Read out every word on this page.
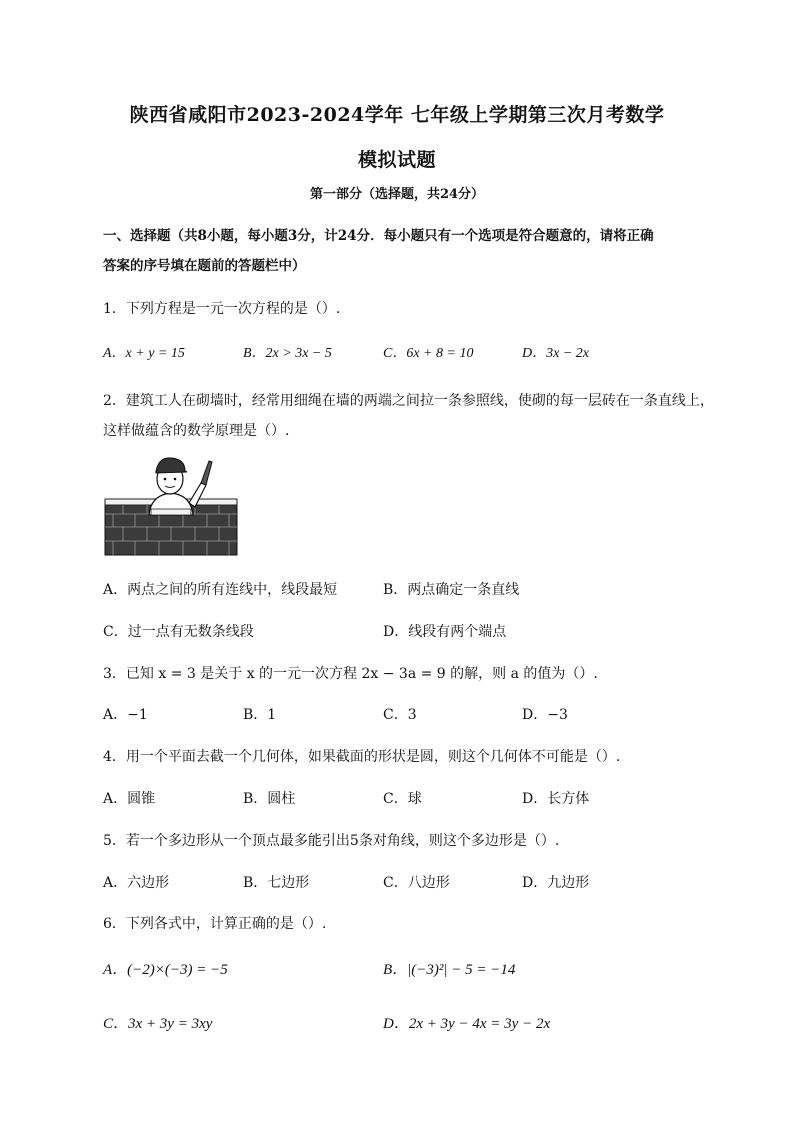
陕西省咸阳市2023-2024学年 七年级上学期第三次月考数学
模拟试题
第一部分（选择题，共24分）
一、选择题（共8小题，每小题3分，计24分．每小题只有一个选项是符合题意的，请将正确
答案的序号填在题前的答题栏中）
1．下列方程是一元一次方程的是（）.
A．x + y = 15	B．2x > 3x − 5	C．6x + 8 = 10	D．3x − 2x
2．建筑工人在砌墙时，经常用细绳在墙的两端之间拉一条参照线，使砌的每一层砖在一条直线上，
这样做蕴含的数学原理是（）.
A．两点之间的所有连线中，线段最短	B．两点确定一条直线
C．过一点有无数条线段	D．线段有两个端点
3．已知 x = 3 是关于 x 的一元一次方程 2x − 3a = 9 的解，则 a 的值为（）.
A．−1	B．1	C．3	D．−3
4．用一个平面去截一个几何体，如果截面的形状是圆，则这个几何体不可能是（）.
A．圆锥	B．圆柱	C．球	D．长方体
5．若一个多边形从一个顶点最多能引出5条对角线，则这个多边形是（）.
A．六边形	B．七边形	C．八边形	D．九边形
6．下列各式中，计算正确的是（）.
A．(−2)×(−3) = −5	B．|(−3)²| − 5 = −14
C．3x + 3y = 3xy	D．2x + 3y − 4x = 3y − 2x
